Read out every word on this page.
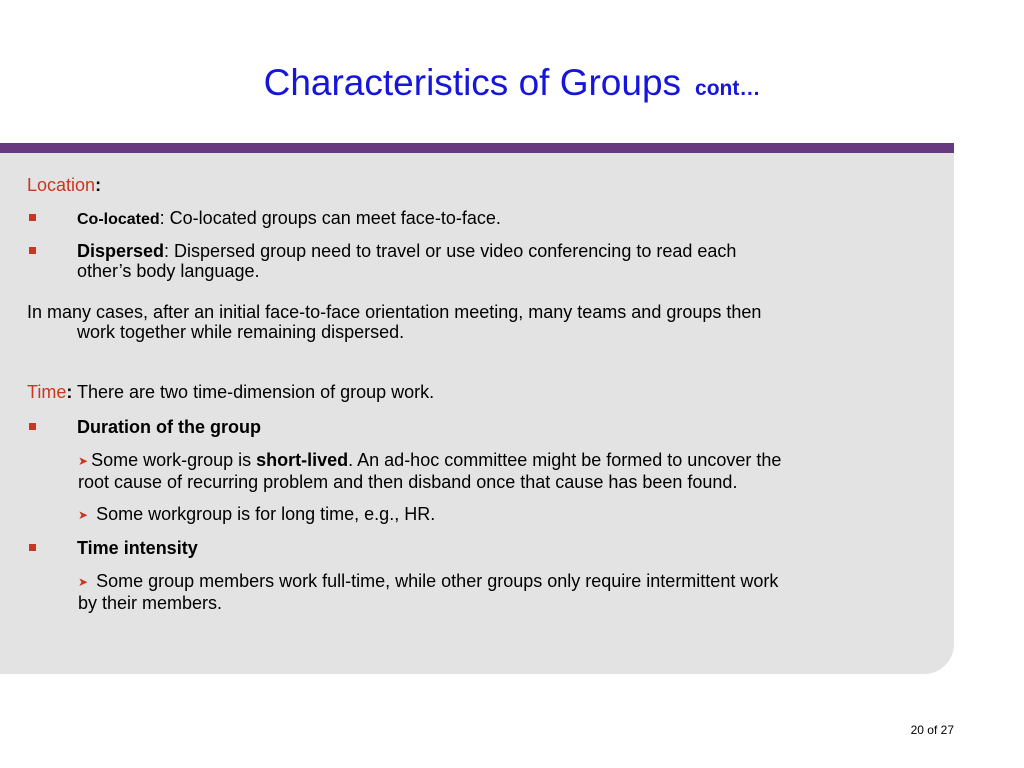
Characteristics of Groups cont…
Location:
Co-located: Co-located groups can meet face-to-face.
Dispersed: Dispersed group need to travel or use video conferencing to read each
other’s body language.
In many cases, after an initial face-to-face orientation meeting, many teams and groups then
work together while remaining dispersed.
Time: There are two time-dimension of group work.
Duration of the group
➤ Some work-group is short-lived. An ad-hoc committee might be formed to uncover the
root cause of recurring problem and then disband once that cause has been found.
➤ Some workgroup is for long time, e.g., HR.
Time intensity
➤ Some group members work full-time, while other groups only require intermittent work
by their members.
20 of 27
